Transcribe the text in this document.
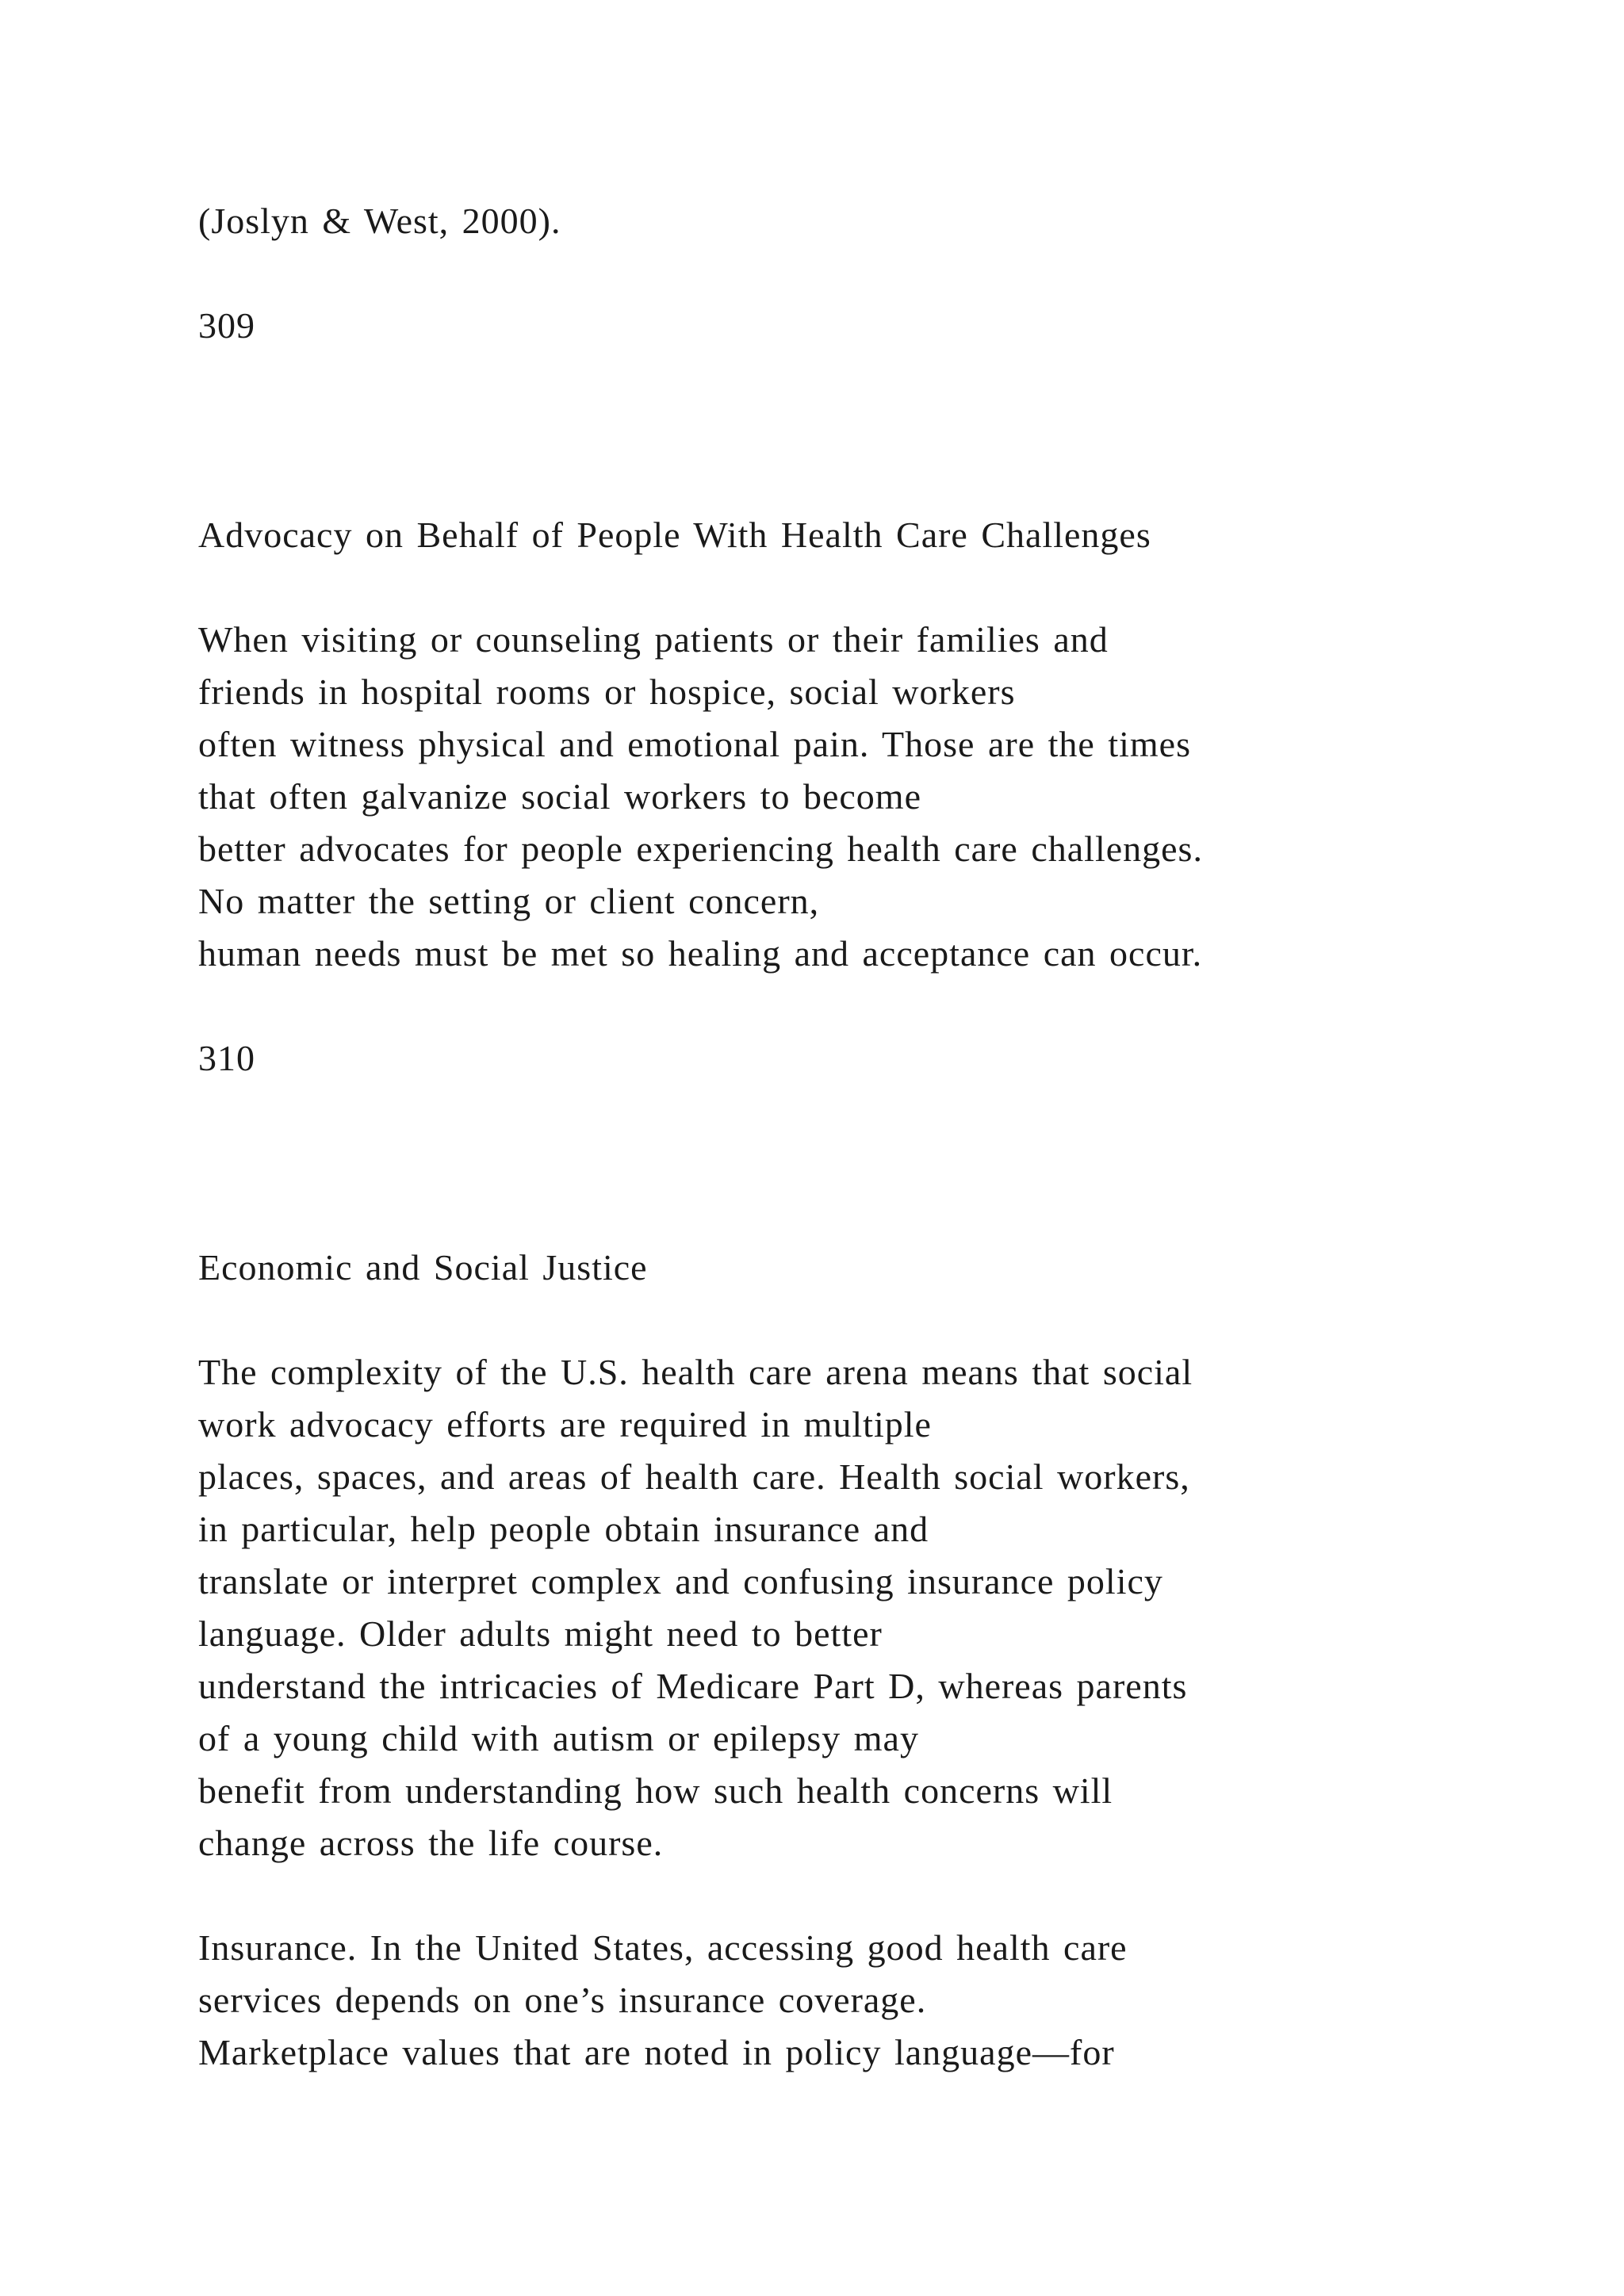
(Joslyn & West, 2000).

309

Advocacy on Behalf of People With Health Care Challenges

When visiting or counseling patients or their families and

friends in hospital rooms or hospice, social workers

often witness physical and emotional pain. Those are the times

that often galvanize social workers to become

better advocates for people experiencing health care challenges.

No matter the setting or client concern,

human needs must be met so healing and acceptance can occur.

310

Economic and Social Justice

The complexity of the U.S. health care arena means that social

work advocacy efforts are required in multiple

places, spaces, and areas of health care. Health social workers,

in particular, help people obtain insurance and

translate or interpret complex and confusing insurance policy

language. Older adults might need to better

understand the intricacies of Medicare Part D, whereas parents

of a young child with autism or epilepsy may

benefit from understanding how such health concerns will

change across the life course.

Insurance. In the United States, accessing good health care

services depends on one’s insurance coverage.

Marketplace values that are noted in policy language—for
